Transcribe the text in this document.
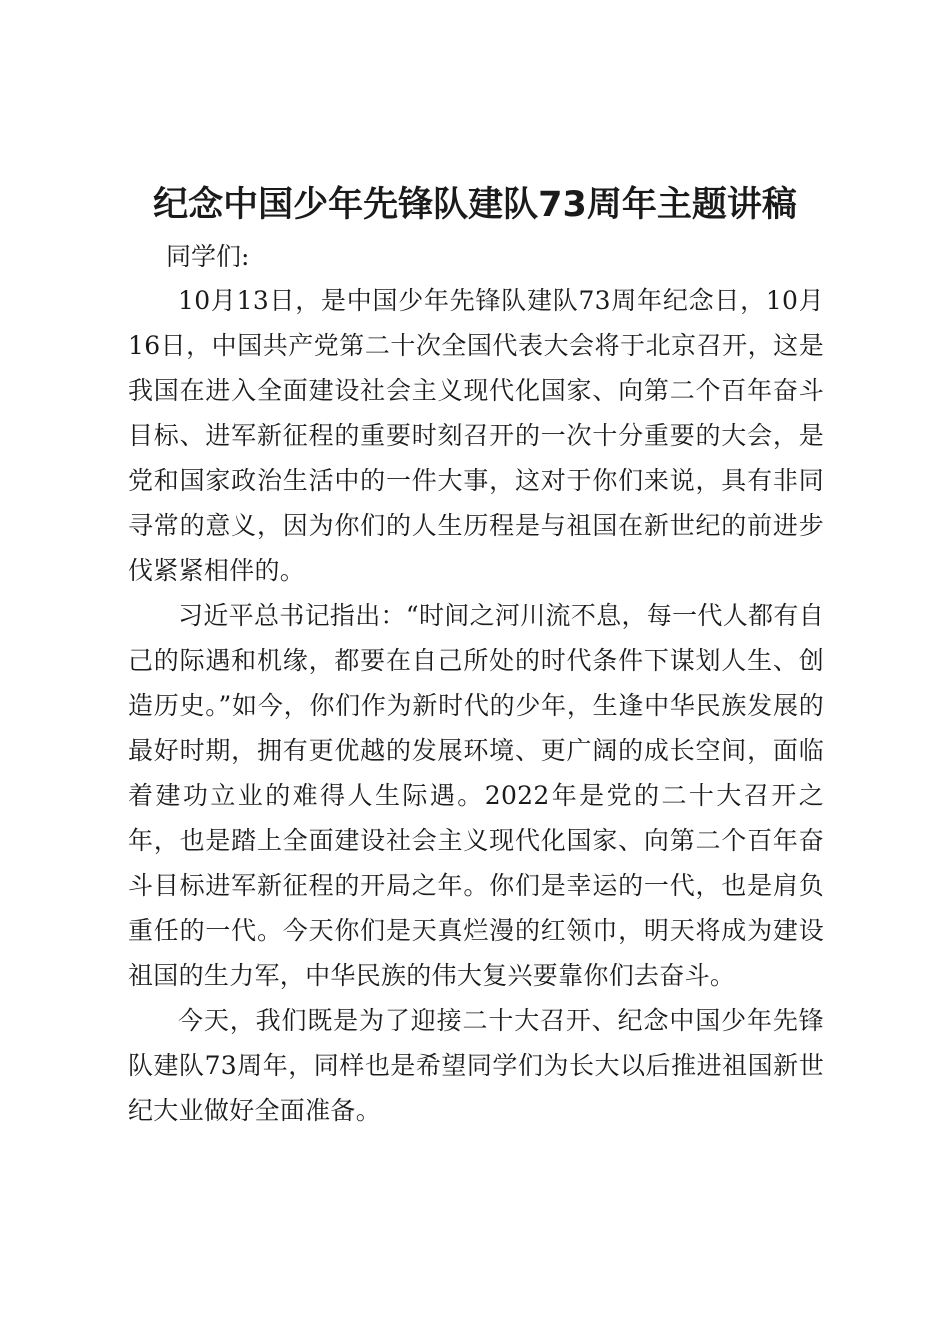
纪念中国少年先锋队建队73周年主题讲稿

同学们:

10月13日，是中国少年先锋队建队73周年纪念日，10月16日，中国共产党第二十次全国代表大会将于北京召开，这是我国在进入全面建设社会主义现代化国家、向第二个百年奋斗目标、进军新征程的重要时刻召开的一次十分重要的大会，是党和国家政治生活中的一件大事，这对于你们来说，具有非同寻常的意义，因为你们的人生历程是与祖国在新世纪的前进步伐紧紧相伴的。

习近平总书记指出：“时间之河川流不息，每一代人都有自己的际遇和机缘，都要在自己所处的时代条件下谋划人生、创造历史。”如今，你们作为新时代的少年，生逢中华民族发展的最好时期，拥有更优越的发展环境、更广阔的成长空间，面临着建功立业的难得人生际遇。2022年是党的二十大召开之年，也是踏上全面建设社会主义现代化国家、向第二个百年奋斗目标进军新征程的开局之年。你们是幸运的一代，也是肩负重任的一代。今天你们是天真烂漫的红领巾，明天将成为建设祖国的生力军，中华民族的伟大复兴要靠你们去奋斗。

今天，我们既是为了迎接二十大召开、纪念中国少年先锋队建队73周年，同样也是希望同学们为长大以后推进祖国新世纪大业做好全面准备。
